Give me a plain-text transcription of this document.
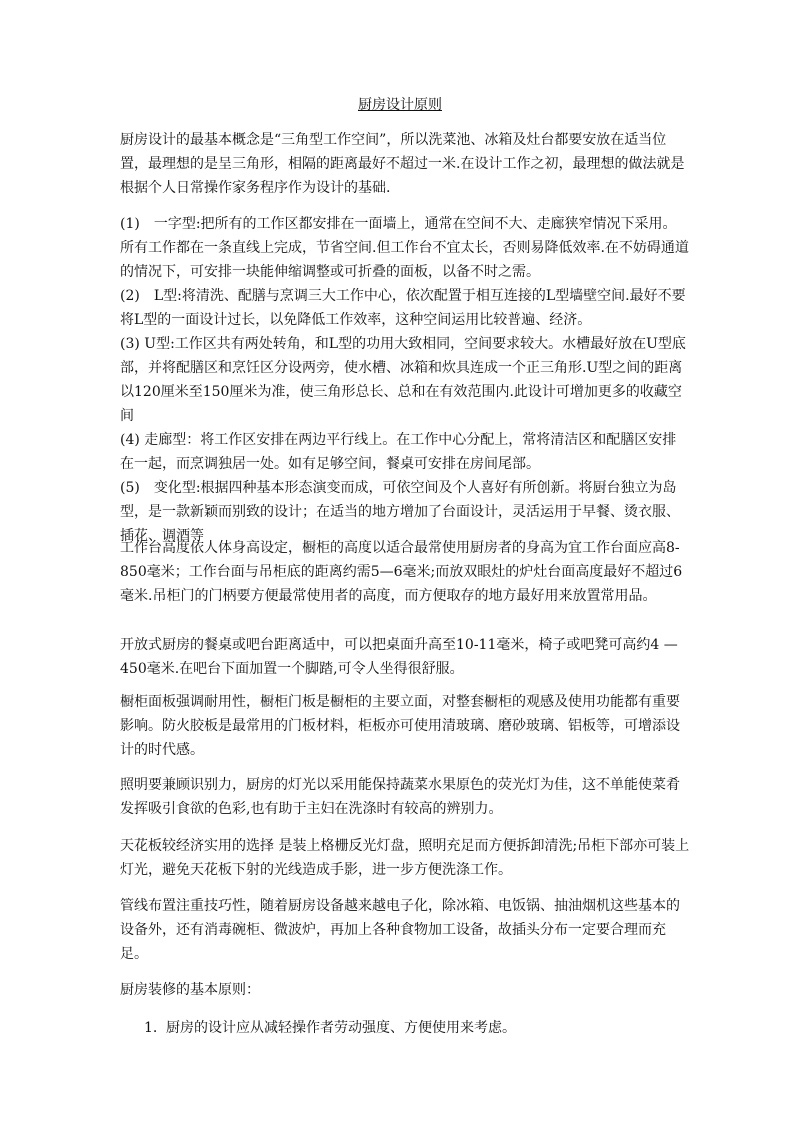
厨房设计原则

厨房设计的最基本概念是“三角型工作空间”，所以洗菜池、冰箱及灶台都要安放在适当位置，最理想的是呈三角形，相隔的距离最好不超过一米.在设计工作之初，最理想的做法就是根据个人日常操作家务程序作为设计的基础.

(1)　一字型:把所有的工作区都安排在一面墙上，通常在空间不大、走廊狭窄情况下采用。所有工作都在一条直线上完成，节省空间.但工作台不宜太长，否则易降低效率.在不妨碍通道的情况下，可安排一块能伸缩调整或可折叠的面板，以备不时之需。

(2)　L型:将清洗、配膳与烹调三大工作中心，依次配置于相互连接的L型墙壁空间.最好不要将L型的一面设计过长，以免降低工作效率，这种空间运用比较普遍、经济。

(3) U型:工作区共有两处转角，和L型的功用大致相同，空间要求较大。水槽最好放在U型底部，并将配膳区和烹饪区分设两旁，使水槽、冰箱和炊具连成一个正三角形.U型之间的距离以120厘米至150厘米为准，使三角形总长、总和在有效范围内.此设计可增加更多的收藏空间

(4) 走廊型：将工作区安排在两边平行线上。在工作中心分配上，常将清洁区和配膳区安排在一起，而烹调独居一处。如有足够空间，餐桌可安排在房间尾部。

(5)　变化型:根据四种基本形态演变而成，可依空间及个人喜好有所创新。将厨台独立为岛型，是一款新颖而别致的设计；在适当的地方增加了台面设计，灵活运用于早餐、烫衣服、插花、调酒等

工作台高度依人体身高设定，橱柜的高度以适合最常使用厨房者的身高为宜工作台面应高8-850毫米；工作台面与吊柜底的距离约需5—6毫米;而放双眼灶的炉灶台面高度最好不超过6毫米.吊柜门的门柄要方便最常使用者的高度，而方便取存的地方最好用来放置常用品。

开放式厨房的餐桌或吧台距离适中，可以把桌面升高至10-11毫米，椅子或吧凳可高约4 — 450毫米.在吧台下面加置一个脚踏,可令人坐得很舒服。

橱柜面板强调耐用性，橱柜门板是橱柜的主要立面，对整套橱柜的观感及使用功能都有重要影响。防火胶板是最常用的门板材料，柜板亦可使用清玻璃、磨砂玻璃、铝板等，可增添设计的时代感。

照明要兼顾识别力，厨房的灯光以采用能保持蔬菜水果原色的荧光灯为佳，这不单能使菜肴发挥吸引食欲的色彩,也有助于主妇在洗涤时有较高的辨别力。

天花板较经济实用的选择 是装上格栅反光灯盘，照明充足而方便拆卸清洗;吊柜下部亦可装上灯光，避免天花板下射的光线造成手影，进一步方便洗涤工作。

管线布置注重技巧性，随着厨房设备越来越电子化，除冰箱、电饭锅、抽油烟机这些基本的设备外，还有消毒碗柜、微波炉，再加上各种食物加工设备，故插头分布一定要合理而充足。

厨房装修的基本原则：

1. 厨房的设计应从减轻操作者劳动强度、方便使用来考虑。
